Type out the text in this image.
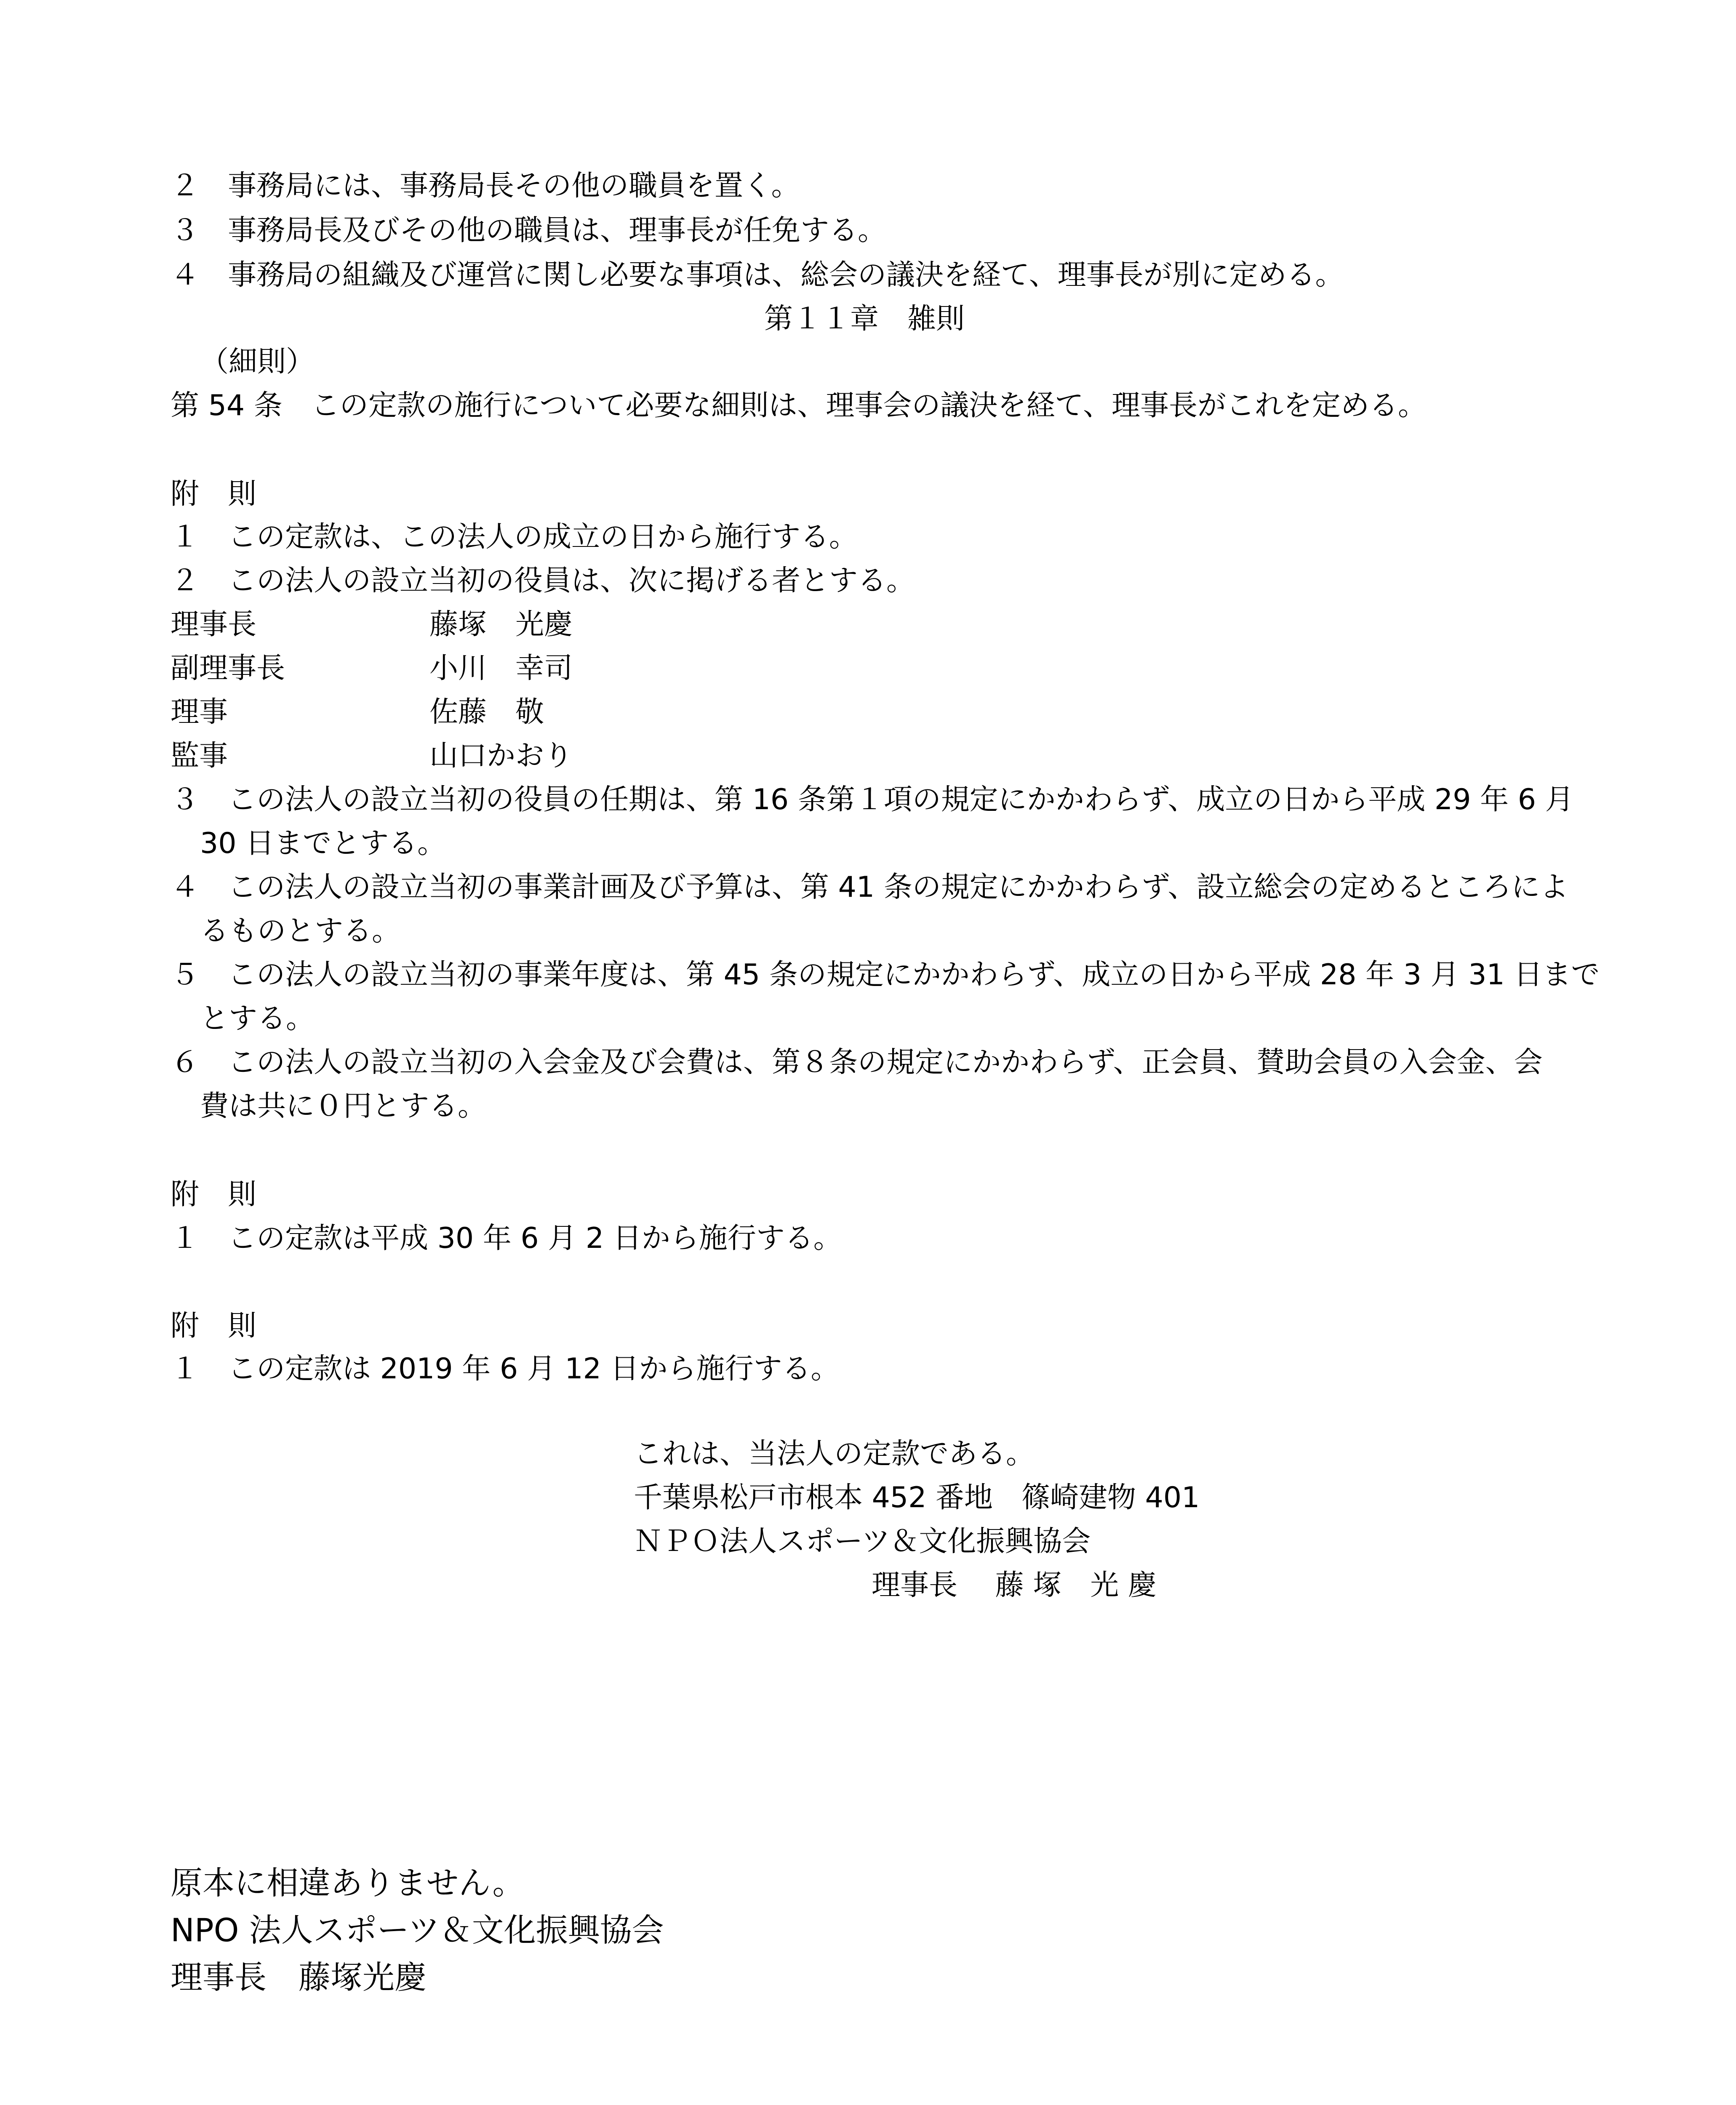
２　事務局には、事務局長その他の職員を置く。
３　事務局長及びその他の職員は、理事長が任免する。
４　事務局の組織及び運営に関し必要な事項は、総会の議決を経て、理事長が別に定める。
第１１章　雑則
（細則）
第 54 条　この定款の施行について必要な細則は、理事会の議決を経て、理事長がこれを定める。
附　則
１　この定款は、この法人の成立の日から施行する。
２　この法人の設立当初の役員は、次に掲げる者とする。
理事長	藤塚　光慶
副理事長	小川　幸司
理事	佐藤　敬
監事	山口かおり
３　この法人の設立当初の役員の任期は、第 16 条第１項の規定にかかわらず、成立の日から平成 29 年 6 月
30 日までとする。
４　この法人の設立当初の事業計画及び予算は、第 41 条の規定にかかわらず、設立総会の定めるところによ
るものとする。
５　この法人の設立当初の事業年度は、第 45 条の規定にかかわらず、成立の日から平成 28 年 3 月 31 日まで
とする。
６　この法人の設立当初の入会金及び会費は、第８条の規定にかかわらず、正会員、賛助会員の入会金、会
費は共に０円とする。
附　則
１　この定款は平成 30 年 6 月 2 日から施行する。
附　則
１　この定款は 2019 年 6 月 12 日から施行する。
これは、当法人の定款である。
千葉県松戸市根本 452 番地　篠崎建物 401
ＮＰＯ法人スポーツ＆文化振興協会
理事長　 藤 塚　光 慶
原本に相違ありません。
NPO 法人スポーツ＆文化振興協会
理事長　藤塚光慶
